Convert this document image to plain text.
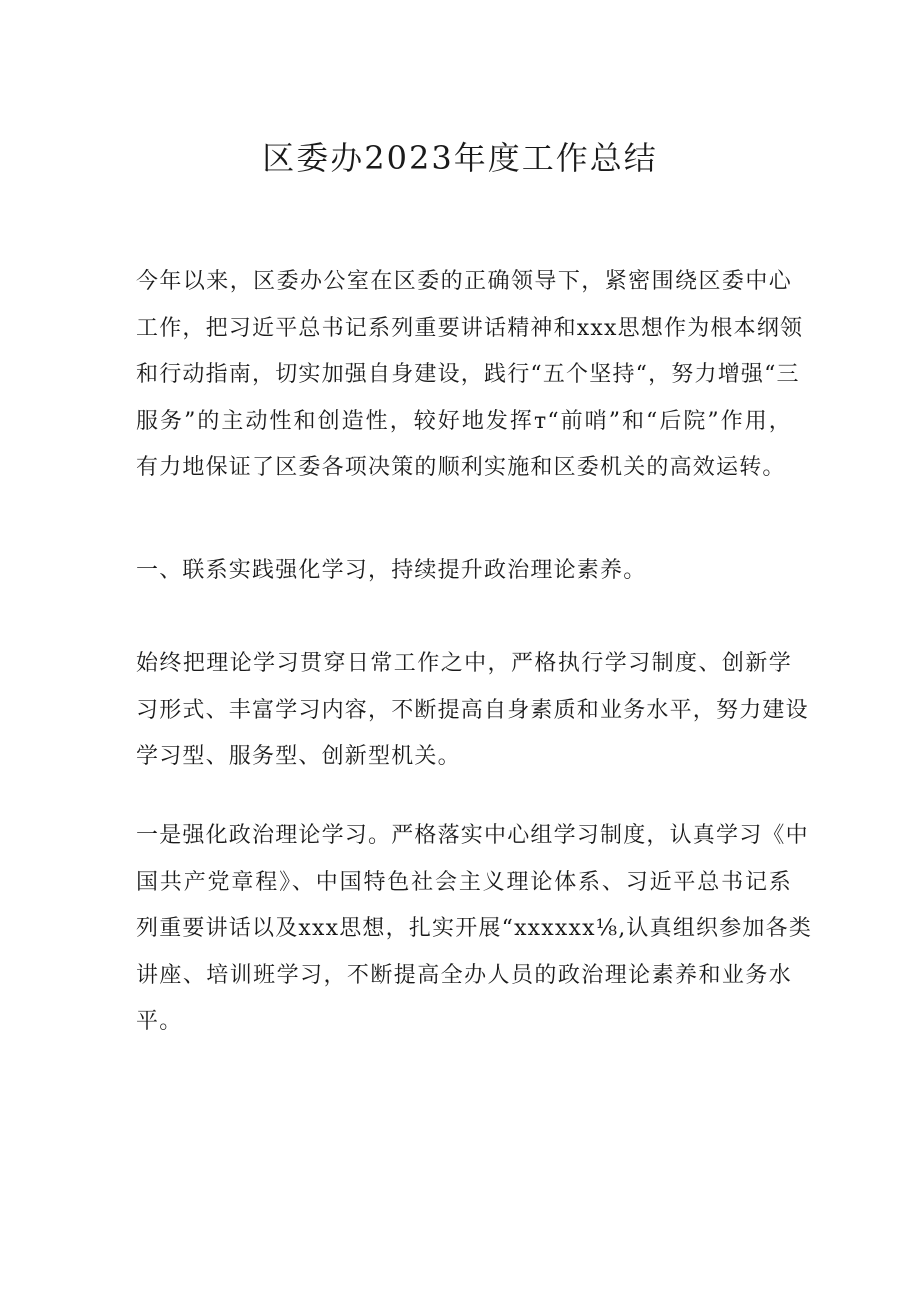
区委办2023年度工作总结
今年以来，区委办公室在区委的正确领导下，紧密围绕区委中心
工作，把习近平总书记系列重要讲话精神和xxx思想作为根本纲领
和行动指南，切实加强自身建设，践行“五个坚持“，努力增强“三
服务”的主动性和创造性，较好地发挥т“前哨”和“后院”作用，
有力地保证了区委各项决策的顺利实施和区委机关的高效运转。
一、联系实践强化学习，持续提升政治理论素养。
始终把理论学习贯穿日常工作之中，严格执行学习制度、创新学
习形式、丰富学习内容，不断提高自身素质和业务水平，努力建设
学习型、服务型、创新型机关。
一是强化政治理论学习。严格落实中心组学习制度，认真学习《中
国共产党章程》、中国特色社会主义理论体系、习近平总书记系
列重要讲话以及xxx思想，扎实开展“xxxxxx⅛,认真组织参加各类
讲座、培训班学习，不断提高全办人员的政治理论素养和业务水
平。
